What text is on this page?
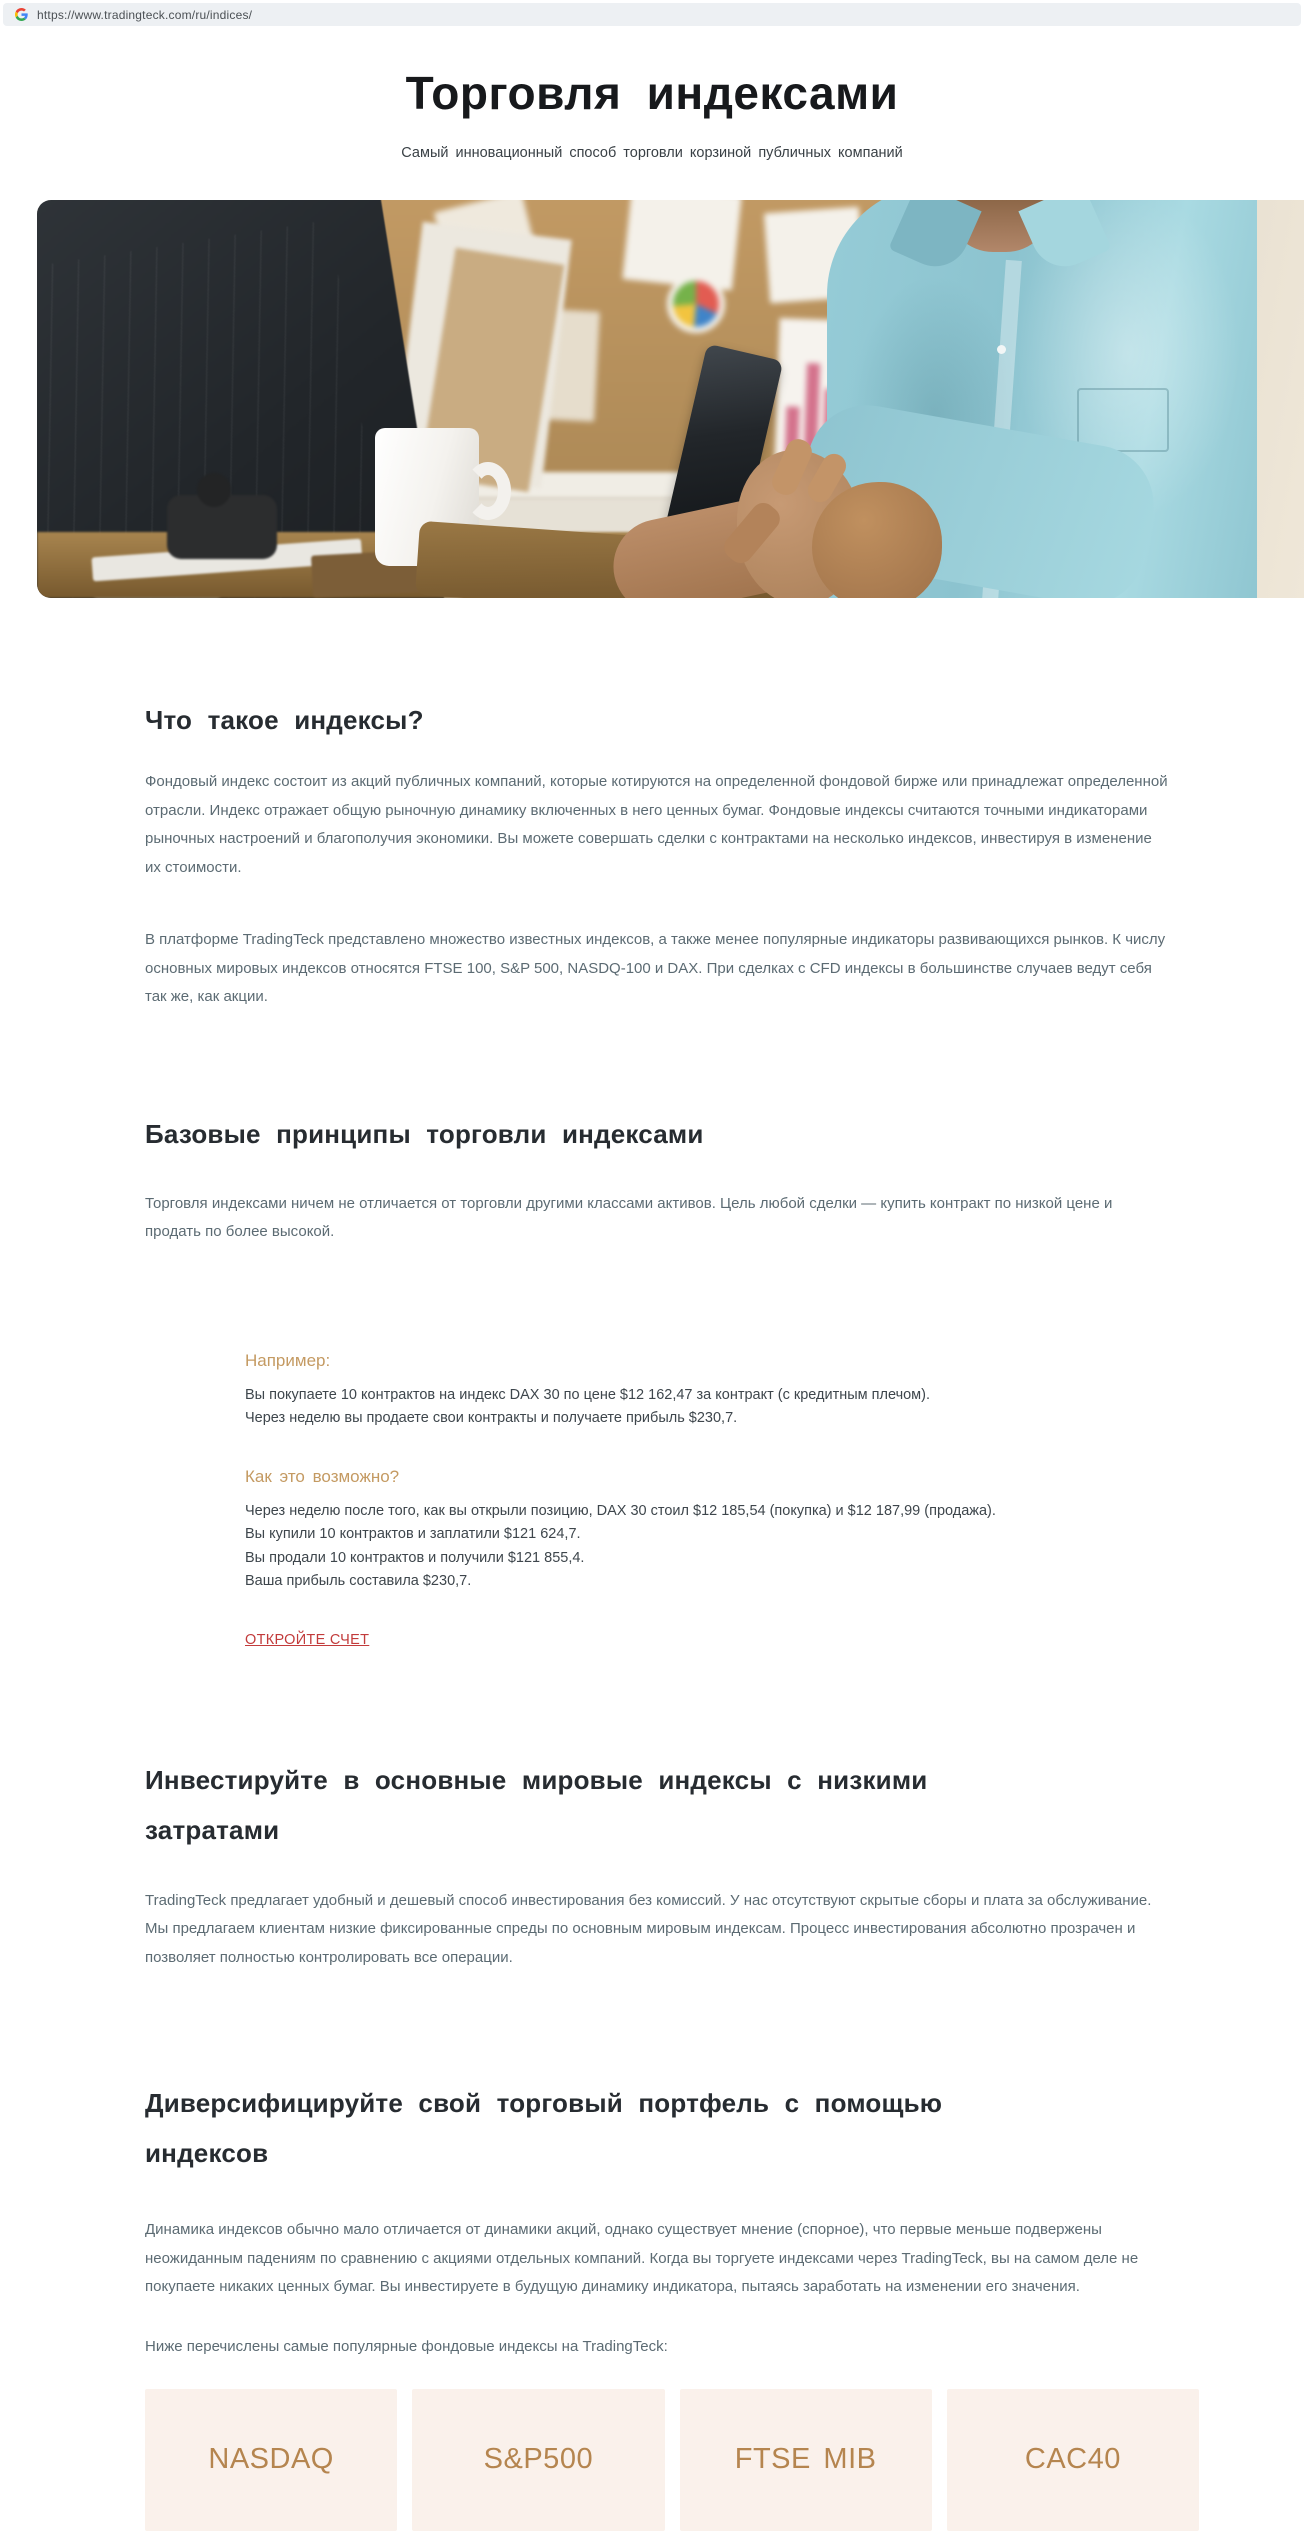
https://www.tradingteck.com/ru/indices/
Торговля индексами
Самый инновационный способ торговли корзиной публичных компаний
Что такое индексы?

Фондовый индекс состоит из акций публичных компаний, которые котируются на определенной фондовой бирже или принадлежат определенной отрасли. Индекс отражает общую рыночную динамику включенных в него ценных бумаг. Фондовые индексы считаются точными индикаторами рыночных настроений и благополучия экономики. Вы можете совершать сделки с контрактами на несколько индексов, инвестируя в изменение их стоимости.

В платформе TradingTeck представлено множество известных индексов, а также менее популярные индикаторы развивающихся рынков. К числу основных мировых индексов относятся FTSE 100, S&P 500, NASDQ-100 и DAX. При сделках с CFD индексы в большинстве случаев ведут себя так же, как акции.

Базовые принципы торговли индексами

Торговля индексами ничем не отличается от торговли другими классами активов. Цель любой сделки — купить контракт по низкой цене и продать по более высокой.

Например:
Вы покупаете 10 контрактов на индекс DAX 30 по цене $12 162,47 за контракт (с кредитным плечом).
Через неделю вы продаете свои контракты и получаете прибыль $230,7.
Как это возможно?
Через неделю после того, как вы открыли позицию, DAX 30 стоил $12 185,54 (покупка) и $12 187,99 (продажа).
Вы купили 10 контрактов и заплатили $121 624,7.
Вы продали 10 контрактов и получили $121 855,4.
Ваша прибыль составила $230,7.
ОТКРОЙТЕ СЧЕТ
Инвестируйте в основные мировые индексы с низкими затратами

TradingTeck предлагает удобный и дешевый способ инвестирования без комиссий. У нас отсутствуют скрытые сборы и плата за обслуживание. Мы предлагаем клиентам низкие фиксированные спреды по основным мировым индексам. Процесс инвестирования абсолютно прозрачен и позволяет полностью контролировать все операции.

Диверсифицируйте свой торговый портфель с помощью индексов

Динамика индексов обычно мало отличается от динамики акций, однако существует мнение (спорное), что первые меньше подвержены неожиданным падениям по сравнению с акциями отдельных компаний. Когда вы торгуете индексами через TradingTeck, вы на самом деле не покупаете никаких ценных бумаг. Вы инвестируете в будущую динамику индикатора, пытаясь заработать на изменении его значения.

Ниже перечислены самые популярные фондовые индексы на TradingTeck:

NASDAQ	S&P500	FTSE MIB	CAC40
